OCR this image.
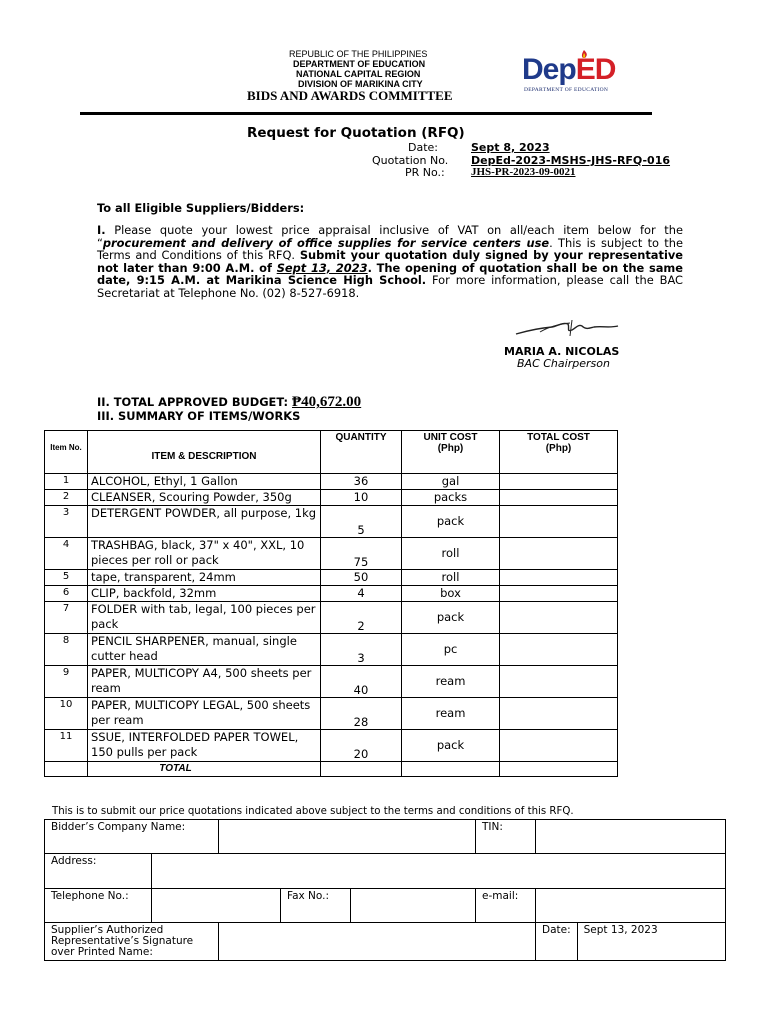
REPUBLIC OF THE PHILIPPINES
DEPARTMENT OF EDUCATION
NATIONAL CAPITAL REGION
DIVISION OF MARIKINA CITY
BIDS AND AWARDS COMMITTEE
DepED
DEPARTMENT OF EDUCATION
Request for Quotation (RFQ)
Date:	Sept 8, 2023
Quotation No. DepEd-2023-MSHS-JHS-RFQ-016
PR No.: JHS-PR-2023-09-0021
To all Eligible Suppliers/Bidders:
I. Please quote your lowest price appraisal inclusive of VAT on all/each item below for the “procurement and delivery of office supplies for service centers use. This is subject to the Terms and Conditions of this RFQ. Submit your quotation duly signed by your representative not later than 9:00 A.M. of Sept 13, 2023. The opening of quotation shall be on the same date, 9:15 A.M. at Marikina Science High School. For more information, please call the BAC Secretariat at Telephone No. (02) 8-527-6918.
MARIA A. NICOLAS
BAC Chairperson
II. TOTAL APPROVED BUDGET: ₱40,672.00
III. SUMMARY OF ITEMS/WORKS
Item No.	ITEM & DESCRIPTION	QUANTITY	UNIT COST (Php)	TOTAL COST (Php)
1	ALCOHOL, Ethyl, 1 Gallon	36	gal	
2	CLEANSER, Scouring Powder, 350g	10	packs	
3	DETERGENT POWDER, all purpose, 1kg	5	pack	
4	TRASHBAG, black, 37" x 40", XXL, 10 pieces per roll or pack	75	roll	
5	tape, transparent, 24mm	50	roll	
6	CLIP, backfold, 32mm	4	box	
7	FOLDER with tab, legal, 100 pieces per pack	2	pack	
8	PENCIL SHARPENER, manual, single cutter head	3	pc	
9	PAPER, MULTICOPY A4, 500 sheets per ream	40	ream	
10	PAPER, MULTICOPY LEGAL, 500 sheets per ream	28	ream	
11	SSUE, INTERFOLDED PAPER TOWEL, 150 pulls per pack	20	pack	
	TOTAL			
This is to submit our price quotations indicated above subject to the terms and conditions of this RFQ.
Bidder’s Company Name:					TIN:		
Address:							
Telephone No.:			Fax No.:		e-mail:		
Supplier’s Authorized Representative’s Signature over Printed Name:						Date:	Sept 13, 2023
